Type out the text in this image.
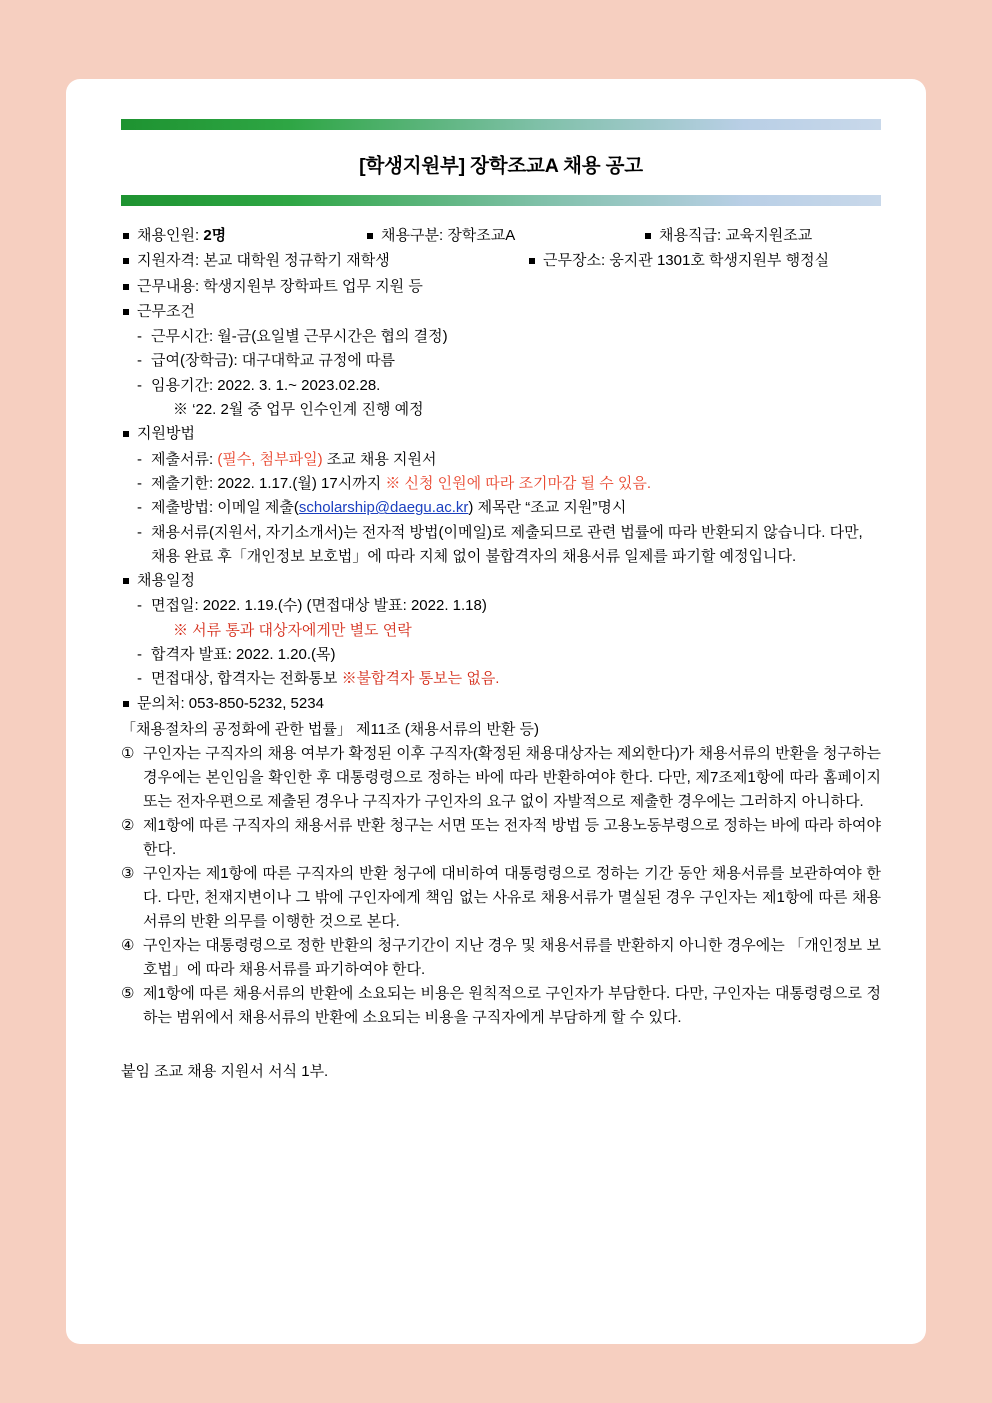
[학생지원부] 장학조교A 채용 공고
채용인원: 2명	채용구분: 장학조교A	채용직급: 교육지원조교
지원자격: 본교 대학원 정규학기 재학생	근무장소: 웅지관 1301호 학생지원부 행정실
근무내용: 학생지원부 장학파트 업무 지원 등
근무조건
- 근무시간: 월-금(요일별 근무시간은 협의 결정)
- 급여(장학금): 대구대학교 규정에 따름
- 임용기간: 2022. 3. 1.~ 2023.02.28.
※ ‘22. 2월 중 업무 인수인계 진행 예정
지원방법
- 제출서류: (필수, 첨부파일) 조교 채용 지원서
- 제출기한: 2022. 1.17.(월) 17시까지 ※ 신청 인원에 따라 조기마감 될 수 있음.
- 제출방법: 이메일 제출(scholarship@daegu.ac.kr) 제목란 “조교 지원”명시
- 채용서류(지원서, 자기소개서)는 전자적 방법(이메일)로 제출되므로 관련 법률에 따라 반환되지 않습니다. 다만, 채용 완료 후「개인정보 보호법」에 따라 지체 없이 불합격자의 채용서류 일제를 파기할 예정입니다.
채용일정
- 면접일: 2022. 1.19.(수) (면접대상 발표: 2022. 1.18)
※ 서류 통과 대상자에게만 별도 연락
- 합격자 발표: 2022. 1.20.(목)
- 면접대상, 합격자는 전화통보 ※불합격자 통보는 없음.
문의처: 053-850-5232, 5234
「채용절차의 공정화에 관한 법률」 제11조 (채용서류의 반환 등)
① 구인자는 구직자의 채용 여부가 확정된 이후 구직자(확정된 채용대상자는 제외한다)가 채용서류의 반환을 청구하는 경우에는 본인임을 확인한 후 대통령령으로 정하는 바에 따라 반환하여야 한다. 다만, 제7조제1항에 따라 홈페이지 또는 전자우편으로 제출된 경우나 구직자가 구인자의 요구 없이 자발적으로 제출한 경우에는 그러하지 아니하다.
② 제1항에 따른 구직자의 채용서류 반환 청구는 서면 또는 전자적 방법 등 고용노동부령으로 정하는 바에 따라 하여야 한다.
③ 구인자는 제1항에 따른 구직자의 반환 청구에 대비하여 대통령령으로 정하는 기간 동안 채용서류를 보관하여야 한다. 다만, 천재지변이나 그 밖에 구인자에게 책임 없는 사유로 채용서류가 멸실된 경우 구인자는 제1항에 따른 채용서류의 반환 의무를 이행한 것으로 본다.
④ 구인자는 대통령령으로 정한 반환의 청구기간이 지난 경우 및 채용서류를 반환하지 아니한 경우에는 「개인정보 보호법」에 따라 채용서류를 파기하여야 한다.
⑤ 제1항에 따른 채용서류의 반환에 소요되는 비용은 원칙적으로 구인자가 부담한다. 다만, 구인자는 대통령령으로 정하는 범위에서 채용서류의 반환에 소요되는 비용을 구직자에게 부담하게 할 수 있다.
붙임 조교 채용 지원서 서식 1부.
